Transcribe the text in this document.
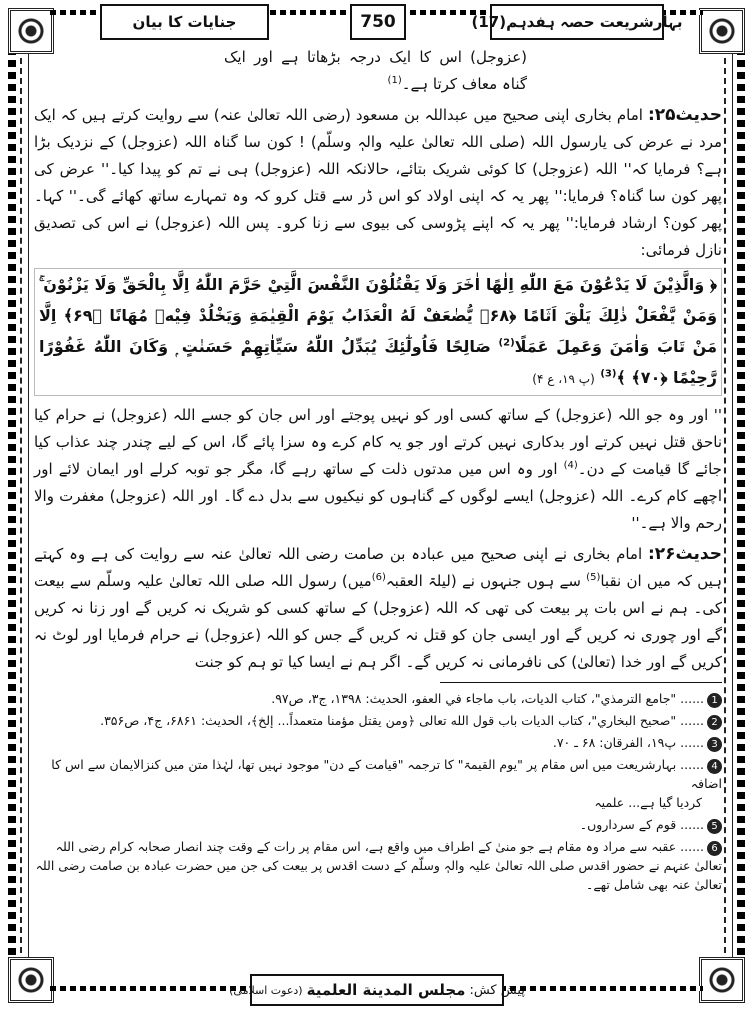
بہارشریعت حصہ ہفدہم(17)
750
جنایات کا بیان

(عزوجل) اس کا ایک درجہ بڑھاتا ہے اور ایک گناہ معاف کرتا ہے۔$^{(1)}$

حدیث۲۵: امام بخاری اپنی صحیح میں عبداللہ بن مسعود (رضی اللہ تعالیٰ عنہ) سے روایت کرتے ہیں کہ ایک مرد نے عرض کی یارسول اللہ (صلی اللہ تعالیٰ علیہ والہٖ وسلّم) ! کون سا گناہ اللہ (عزوجل) کے نزدیک بڑا ہے؟ فرمایا کہ'' اللہ (عزوجل) کا کوئی شریک بتائے، حالانکہ اللہ (عزوجل) ہی نے تم کو پیدا کیا۔'' عرض کی پھر کون سا گناہ؟ فرمایا:'' پھر یہ کہ اپنی اولاد کو اس ڈر سے قتل کرو کہ وہ تمہارے ساتھ کھائے گی۔'' کہا۔ پھر کون؟ ارشاد فرمایا:'' پھر یہ کہ اپنے پڑوسی کی بیوی سے زنا کرو۔ پس اللہ (عزوجل) نے اس کی تصدیق نازل فرمائی:

﴿ وَالَّذِيْنَ لَا يَدْعُوْنَ مَعَ اللّٰهِ اِلٰهًا اٰخَرَ وَلَا يَقْتُلُوْنَ النَّفْسَ الَّتِيْ حَرَّمَ اللّٰهُ اِلَّا بِالْحَقِّ وَلَا يَزْنُوْنَ ۚ وَمَنْ يَّفْعَلْ ذٰلِكَ يَلْقَ اَثَامًا ﴿۶۸﴾ يُّضٰعَفْ لَهُ الْعَذَابُ يَوْمَ الْقِيٰمَةِ وَيَخْلُدْ فِيْهٖ مُهَانًا ﴿۶۹﴾ اِلَّا مَنْ تَابَ وَاٰمَنَ وَعَمِلَ عَمَلًا$^{(2)}$ صَالِحًا فَاُولٰٓئِكَ يُبَدِّلُ اللّٰهُ سَيِّاٰتِهِمْ حَسَنٰتٍ ۭ وَكَانَ اللّٰهُ غَفُوْرًا رَّحِيْمًا ﴿۷۰﴾ ﴾$^{(3)}$ (پ ۱۹، ع ۴)

'' اور وہ جو اللہ (عزوجل) کے ساتھ کسی اور کو نہیں پوجتے اور اس جان کو جسے اللہ (عزوجل) نے حرام کیا ناحق قتل نہیں کرتے اور بدکاری نہیں کرتے اور جو یہ کام کرے وہ سزا پائے گا، اس کے لیے چندر چند عذاب کیا جائے گا قیامت کے دن۔$^{(4)}$ اور وہ اس میں مدتوں ذلت کے ساتھ رہے گا، مگر جو توبہ کرلے اور ایمان لائے اور اچھے کام کرے۔ اللہ (عزوجل) ایسے لوگوں کے گناہوں کو نیکیوں سے بدل دے گا۔ اور اللہ (عزوجل) مغفرت والا رحم والا ہے۔''

حدیث۲۶: امام بخاری نے اپنی صحیح میں عبادہ بن صامت رضی اللہ تعالیٰ عنہ سے روایت کی ہے وہ کہتے ہیں کہ میں ان نقبا$^{(5)}$ سے ہوں جنہوں نے (لیلۃ العقبہ$^{(6)}$میں) رسول اللہ صلی اللہ تعالیٰ علیہ وسلّم سے بیعت کی۔ ہم نے اس بات پر بیعت کی تھی کہ اللہ (عزوجل) کے ساتھ کسی کو شریک نہ کریں گے اور زنا نہ کریں گے اور چوری نہ کریں گے اور ایسی جان کو قتل نہ کریں گے جس کو اللہ (عزوجل) نے حرام فرمایا اور لوٹ نہ کریں گے اور خدا (تعالیٰ) کی نافرمانی نہ کریں گے۔ اگر ہم نے ایسا کیا تو ہم کو جنت

1...... "جامع الترمذي"، كتاب الديات، باب ماجاء في العفو، الحديث: ۱۳۹۸، ج۳، ص۹۷.

2...... "صحيح البخاري"، كتاب الديات باب قول الله تعالى ﴿ومن يقتل مؤمنا متعمداً... إلخ﴾، الحديث: ۶۸۶۱، ج۴، ص۳۵۶.

3...... پ۱۹، الفرقان: ۶۸ ـ ۷۰.

4...... بہارشریعت میں اس مقام پر "یوم القیمۃ" کا ترجمہ "قیامت کے دن" موجود نہیں تھا، لہٰذا متن میں کنزالایمان سے اس کا اضافہ
کردیا گیا ہے... علمیہ

5...... قوم کے سرداروں۔

6...... عقبہ سے مراد وہ مقام ہے جو منیٰ کے اطراف میں واقع ہے، اس مقام پر رات کے وقت چند انصار صحابہ کرام رضی اللہ تعالیٰ عنہم نے حضور اقدس صلی اللہ تعالیٰ علیہ والہٖ وسلّم کے دست اقدس پر بیعت کی جن میں حضرت عبادہ بن صامت رضی اللہ تعالیٰ عنہ بھی شامل تھے۔

پیش کش:
مجلس المدينة العلمية
(دعوت اسلامی)
